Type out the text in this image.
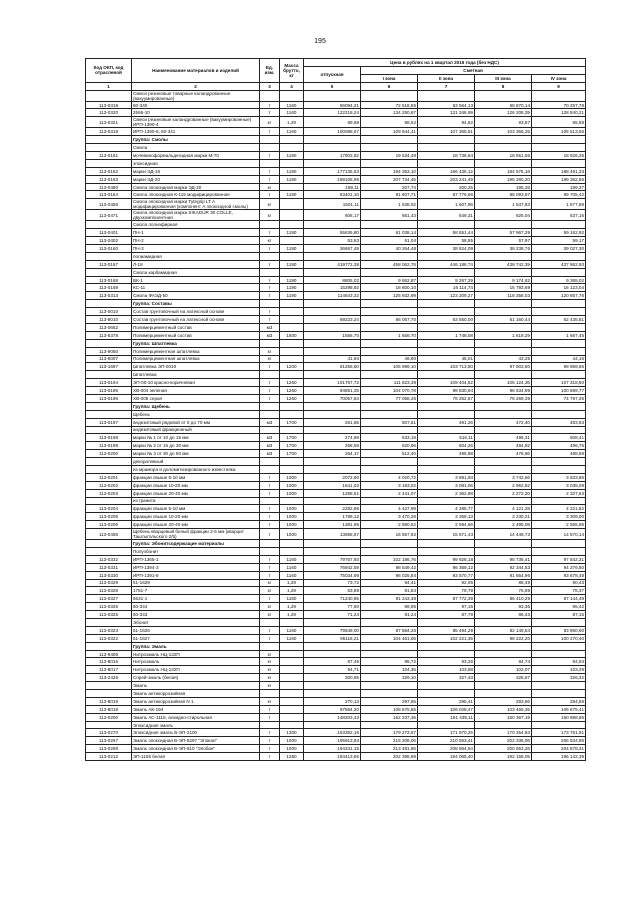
195
Код ОКП, код отраслевой	Наименование материалов и изделий	Ед. изм.	Масса брутто, кг	Цена в рублях на 1 квартал 2016 года (без НДС)				
				отпускная	Сметная			
					I зона	II зона	III зона	IV зона
1	2	3	4	5	6	7	8	9
	Смеси резиновые товарные каландрованные (вакуумированные)							
113-0318	60-340	т	1160	66094,21	72 518,55	63 564,13	68 870,14	70 257,78
113-0320	2566-10	т	1160	122218,24	134 250,67	131 346,99	126 208,39	128 840,21
113-0321	Смеси резиновые каландрованные (вакуумированные) ИРП-1390-4	кг	1,29	89,68	98,62	94,62	93,67	95,59
113-0319	ИРП-1390-6, 60-341	т	1160	100088,67	109 944,41	107 365,51	103 356,25	105 513,56
	Группа: Смолы							
	Смола							
113-0161	мочевиноформальдегидная марки М-70	т	1190	17603,92	19 534,48	18 738,64	18 551,66	18 926,25
	эпоксидная							
113-0162	марки ЭД-16	т	1190	177135,53	194 353,10	166 435,12	184 575,18	188 491,33
113-0163	марки ЭД-20	т	1190	189106,95	207 734,46	203 241,49	195 280,20	199 362,56
113-0480	Смола эпоксидная марки ЭД-20	кг		189,11	207,74	200,25	195,28	199,37
113-0164	Смола эпоксидная К-115 модифицированная	т	1190	83401,10	91 607,71	87 779,66	86 093,97	89 705,42
113-0456	Смола эпоксидная марки Tytegrip LT A модифицированная (компонент А эпоксидной смолы)	кг		1501,11	1 638,02	1 607,96	1 547,83	1 577,89
113-0471	Смола эпоксидная марки SIKADUR 30 COLLE, двухкомпонентная	кг		606,17	661,43	649,31	625,04	637,16
	Смола полиэфирная							
113-0401	ПН-1	т	1190	55636,80	61 038,14	58 551,44	57 967,29	59 162,92
113-0402	ПН-2	кг		53,63	61,04	58,55	57,97	59,17
113-0160	ПН-3	т	1190	36667,49	40 264,48	38 624,09	38 238,76	39 027,30
	полиамидная							
113-0167	Л-18	т	1190	419772,38	458 062,76	446 188,74	438 742,39	437 862,93
	Смола карбамидная							
113-0168	ВК-1	т	1190	8805,02	9 662,87	9 267,29	9 174,62	9 365,02
113-0169	КС-11	т	1190	15298,92	16 800,10	16 114,74	15 793,69	16 123,04
113-0313	Смола ФАЭД-50	т	1190	114643,32	125 932,99	123 209,27	118 358,03	120 857,76
	Группа: Составы							
113-0010	Состав грунтовочный на латексной основе	т						
113-8010	Состав грунтовочный на латексной основе	т		69223,24	66 057,70	63 550,00	61 160,44	62 435,81
113-0652	Полимерцементный состав	м3						
113-6378	Полимерцементный состав	м3	1500	1556,70	1 656,70	1 748,08	1 619,29	1 667,45
	Группа: Шпатлевка							
113-9050	Полимерцементная шпатлевка	кг						
113-6007	Полимерцементная шпатлевка	кг		41,94	46,90	45,01	43,25	44,16
113-1697	Шпатлевка ЭП-0010	т	1200	91256,60	105 999,10	103 713,50	97 903,60	99 959,86
	Шпатлевка							
113-0194	ЭП-00-10 красно-коричневая	т	1260	101767,72	111 823,39	109 404,52	105 124,36	107 318,50
113-0195	ХВ-004 зеленая	т	1260	94851,25	104 070,78	99 830,94	96 634,99	100 889,77
113-0196	ХВ-005 серая	т	1260	70057,84	77 058,26	76 252,67	75 269,39	74 797,26
	Группа: Щебень							
	Щебень							
113-0197	андезитовый рядовой от 0 до 70 мм	м3	1700	261,65	507,51	491,26	472,40	483,83
	андезитовый фракционный							
113-0198	марки № 1 от 10 до 15 мм	м3	1700	274,69	533,19	516,11	496,31	508,41
113-0199	марки № 2 от 15 до 30 мм	м3	1700	268,59	520,96	504,26	484,92	496,75
113-0200	марки № 3 от 30 до 50 мм	м3	1700	264,17	512,40	495,98	476,96	488,59
	декоративный							
	из мрамора и доломитизированного известняка							
113-0201	фракции свыше 5-10 мм	т	1000	2072,90	4 020,72	3 891,93	3 742,56	3 833,85
113-0202	фракции свыше 10-20 мм	т	1000	1641,02	3 183,02	3 081,06	2 962,82	3 035,09
113-0203	фракции свыше 20-40 мм	т	1000	1258,51	2 441,07	2 362,88	2 272,20	2 327,63
	из гранита							
113-0204	фракции свыше 5-10 мм	т	1000	2282,86	4 427,99	4 285,77	4 121,28	4 221,82
113-0205	фракции свыше 10-20 мм	т	1000	1789,12	3 470,28	3 359,13	3 230,21	3 309,00
113-0206	фракции свыше 20-40 мм	т	1000	1381,95	2 680,52	2 594,66	2 495,08	2 555,95
113-0465	Щебень кварцевый белый фракции 2-5 мм (кварцит Таштыгольского 2/5)	т	1000	13858,67	16 557,92	15 571,43	14 449,73	14 870,14
	Группа: Эбонитсодержащие материалы							
	Полуэбонит							
113-0332	ИРП-1365-1	т	1160	79767,93	102 186,76	99 928,18	95 735,41	97 842,31
113-0331	ИРП-1394-3	т	1160	76942,59	98 549,42	96 369,12	92 344,53	94 376,80
113-0330	ИРП-1391-8	т	1160	75034,69	96 025,84	93 570,77	91 654,96	93 678,48
113-0329	51-1629	кг	1,29	73,72	94,41	92,05	88,49	90,43
113-0328	1751-7	кг	1,29	63,89	81,84	79,79	76,69	78,37
113-0327	6631-1	т	1160	71240,95	91 243,38	87 772,39	86 410,29	87 144,49
113-0326	60-344	кг	1,29	77,80	99,95	97,15	93,36	95,42
113-0325	60-343	кг	1,29	71,24	91,24	87,79	86,43	87,15
	Эбонит							
113-0323	51-1626	т	1160	79549,00	87 584,26	85 494,29	82 149,54	83 860,60
113-0322	51-1627	т	1160	95118,21	104 461,06	102 221,35	98 222,20	100 270,40
	Группа: Эмаль							
113-9406	Нитроэмаль НЦ-132П	кг						
113-8016	Нитроэмаль	кг		87,45	95,72	93,26	94,74	94,93
113-8017	Нитроэмаль НЦ-132П	кг		94,71	104,36	103,58	102,07	103,29
113-2426	Спрей-эмаль (белая)	кг		300,65	329,10	327,43	325,67	326,32
	Эмаль	кг						
	Эмаль антикоррозийная							
113-8019	Эмаль антикоррозийная N 1	кг		270,13	297,65	295,41	293,66	294,59
113-8018	Эмаль АК-194	т		97584,20	108 575,55	106 028,47	103 465,35	105 675,41
113-0200	Эмаль АС-1115, алкидно-стирольная	т		148203,43	162 237,36	161 435,11	160 367,19	160 988,95
	Эпоксидная эмаль							
113-0270	Эпоксидная эмаль Б-ЭП-2100	т	1300	163392,16	179 273,67	171 970,25	170 254,63	173 761,91
113-0267	Эмаль эпоксидная Б-ЭП-5297 "Эпокан"	т	1000	195913,93	215 208,06	210 553,41	202 336,06	206 534,95
113-0268	Эмаль эпоксидная Б-ЭП-610 "Эпобан"	т	1000	194341,15	213 481,86	208 864,54	200 653,26	204 878,31
113-0212	ЭП-1155 белая	т	1280	184413,86	202 398,69	194 065,40	192 156,05	196 142,39
